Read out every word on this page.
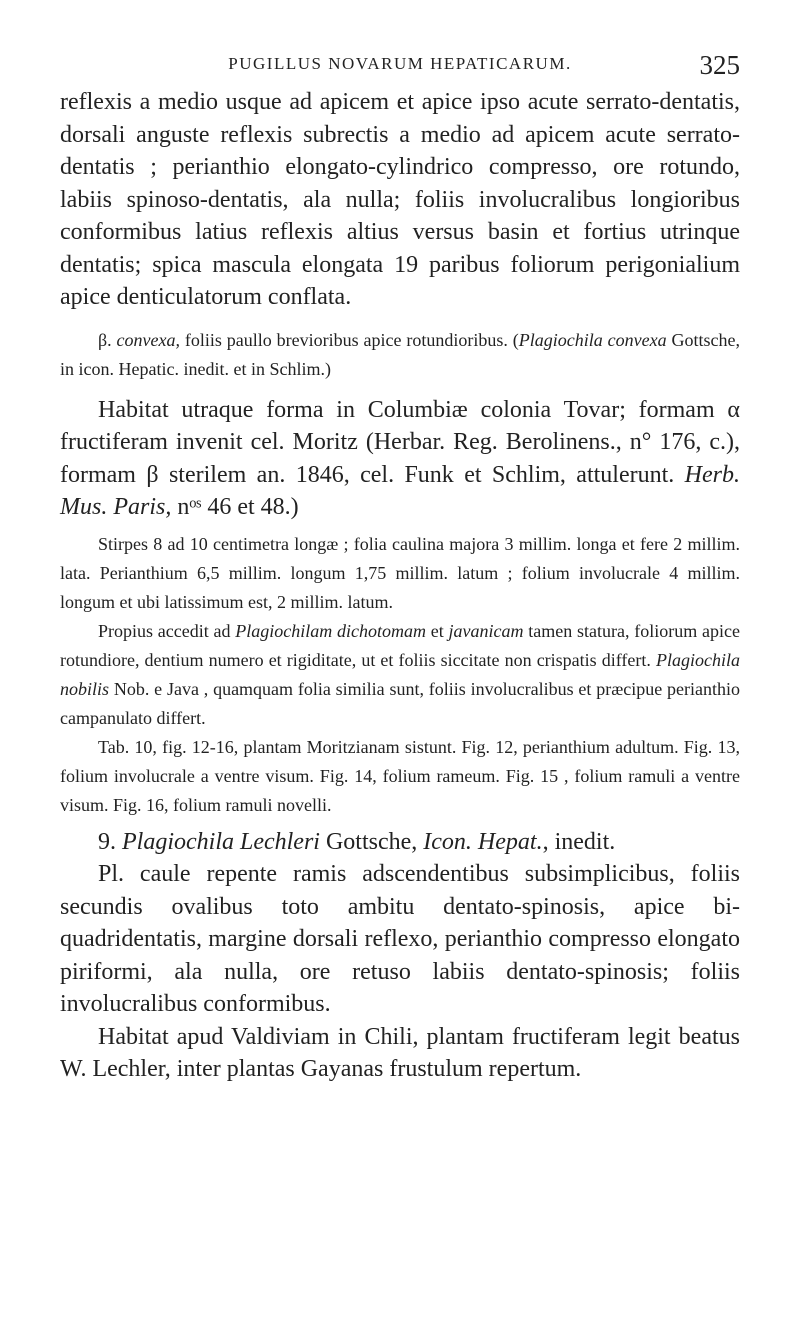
PUGILLUS NOVARUM HEPATICARUM.	325

reflexis a medio usque ad apicem et apice ipso acute serrato-dentatis, dorsali anguste reflexis subrectis a medio ad apicem acute serrato-dentatis ; perianthio elongato-cylindrico compresso, ore rotundo, labiis spinoso-dentatis, ala nulla; foliis involucralibus longioribus conformibus latius reflexis altius versus basin et fortius utrinque dentatis; spica mascula elongata 19 paribus foliorum perigonialium apice denticulatorum conflata.

β. convexa, foliis paullo brevioribus apice rotundioribus. (Plagiochila convexa Gottsche, in icon. Hepatic. inedit. et in Schlim.)

Habitat utraque forma in Columbiæ colonia Tovar; formam α fructiferam invenit cel. Moritz (Herbar. Reg. Berolinens., n° 176, c.), formam β sterilem an. 1846, cel. Funk et Schlim, attulerunt. Herb. Mus. Paris, nᵒˢ 46 et 48.)

Stirpes 8 ad 10 centimetra longæ ; folia caulina majora 3 millim. longa et fere 2 millim. lata. Perianthium 6,5 millim. longum 1,75 millim. latum ; folium involucrale 4 millim. longum et ubi latissimum est, 2 millim. latum.

Propius accedit ad Plagiochilam dichotomam et javanicam tamen statura, foliorum apice rotundiore, dentium numero et rigiditate, ut et foliis siccitate non crispatis differt. Plagiochila nobilis Nob. e Java , quamquam folia similia sunt, foliis involucralibus et præcipue perianthio campanulato differt.

Tab. 10, fig. 12-16, plantam Moritzianam sistunt. Fig. 12, perianthium adultum. Fig. 13, folium involucrale a ventre visum. Fig. 14, folium rameum. Fig. 15 , folium ramuli a ventre visum. Fig. 16, folium ramuli novelli.

9. Plagiochila Lechleri Gottsche, Icon. Hepat., inedit.

Pl. caule repente ramis adscendentibus subsimplicibus, foliis secundis ovalibus toto ambitu dentato-spinosis, apice bi-quadridentatis, margine dorsali reflexo, perianthio compresso elongato piriformi, ala nulla, ore retuso labiis dentato-spinosis; foliis involucralibus conformibus.

Habitat apud Valdiviam in Chili, plantam fructiferam legit beatus W. Lechler, inter plantas Gayanas frustulum repertum.
